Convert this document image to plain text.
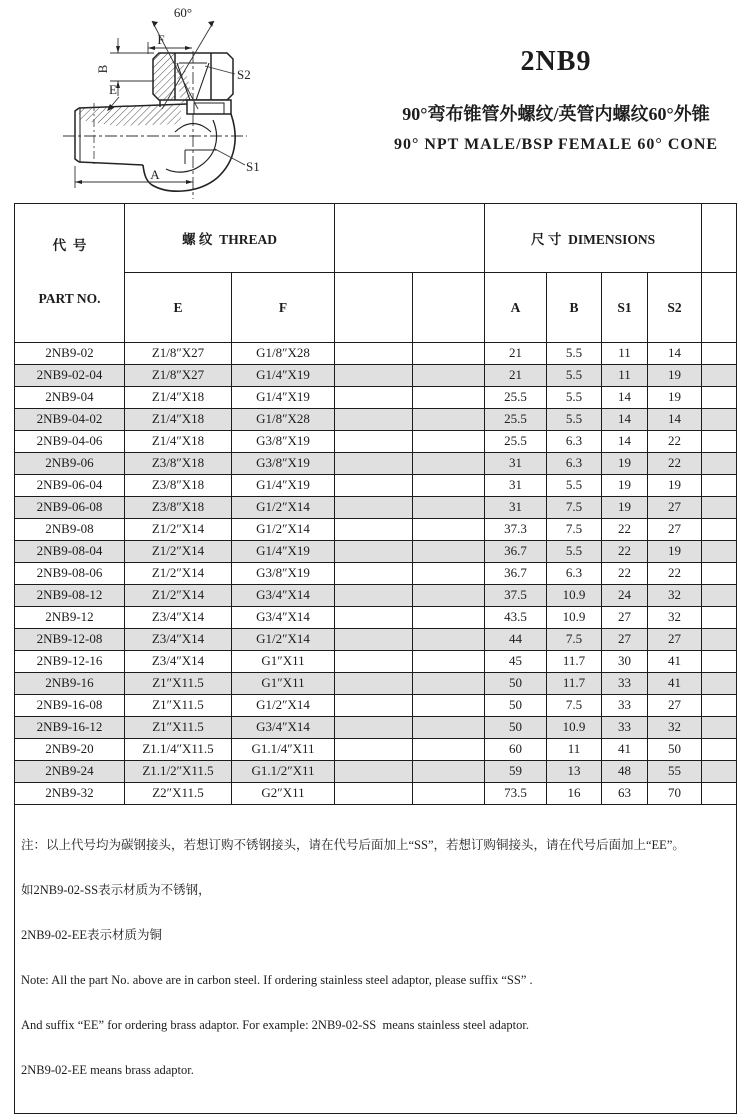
60°
F
B
E
S2
S1
A
2NB9
90°弯布锥管外螺纹/英管内螺纹60°外锥
90° NPT MALE/BSP FEMALE 60° CONE

代  号

PART NO.	螺 纹  THREAD				尺 寸  DIMENSIONS				
	E	F			A	B	S1	S2	
2NB9-02	Z1/8″X27	G1/8″X28			21	5.5	11	14	
2NB9-02-04	Z1/8″X27	G1/4″X19			21	5.5	11	19	
2NB9-04	Z1/4″X18	G1/4″X19			25.5	5.5	14	19	
2NB9-04-02	Z1/4″X18	G1/8″X28			25.5	5.5	14	14	
2NB9-04-06	Z1/4″X18	G3/8″X19			25.5	6.3	14	22	
2NB9-06	Z3/8″X18	G3/8″X19			31	6.3	19	22	
2NB9-06-04	Z3/8″X18	G1/4″X19			31	5.5	19	19	
2NB9-06-08	Z3/8″X18	G1/2″X14			31	7.5	19	27	
2NB9-08	Z1/2″X14	G1/2″X14			37.3	7.5	22	27	
2NB9-08-04	Z1/2″X14	G1/4″X19			36.7	5.5	22	19	
2NB9-08-06	Z1/2″X14	G3/8″X19			36.7	6.3	22	22	
2NB9-08-12	Z1/2″X14	G3/4″X14			37.5	10.9	24	32	
2NB9-12	Z3/4″X14	G3/4″X14			43.5	10.9	27	32	
2NB9-12-08	Z3/4″X14	G1/2″X14			44	7.5	27	27	
2NB9-12-16	Z3/4″X14	G1″X11			45	11.7	30	41	
2NB9-16	Z1″X11.5	G1″X11			50	11.7	33	41	
2NB9-16-08	Z1″X11.5	G1/2″X14			50	7.5	33	27	
2NB9-16-12	Z1″X11.5	G3/4″X14			50	10.9	33	32	
2NB9-20	Z1.1/4″X11.5	G1.1/4″X11			60	11	41	50	
2NB9-24	Z1.1/2″X11.5	G1.1/2″X11			59	13	48	55	
2NB9-32	Z2″X11.5	G2″X11			73.5	16	63	70	

注：以上代号均为碳钢接头，若想订购不锈钢接头，请在代号后面加上“SS”，若想订购铜接头，请在代号后面加上“EE”。

如2NB9-02-SS表示材质为不锈钢，

2NB9-02-EE表示材质为铜

Note: All the part No. above are in carbon steel. If ordering stainless steel adaptor, please suffix “SS” .

And suffix “EE” for ordering brass adaptor. For example: 2NB9-02-SS  means stainless steel adaptor.

2NB9-02-EE means brass adaptor.
